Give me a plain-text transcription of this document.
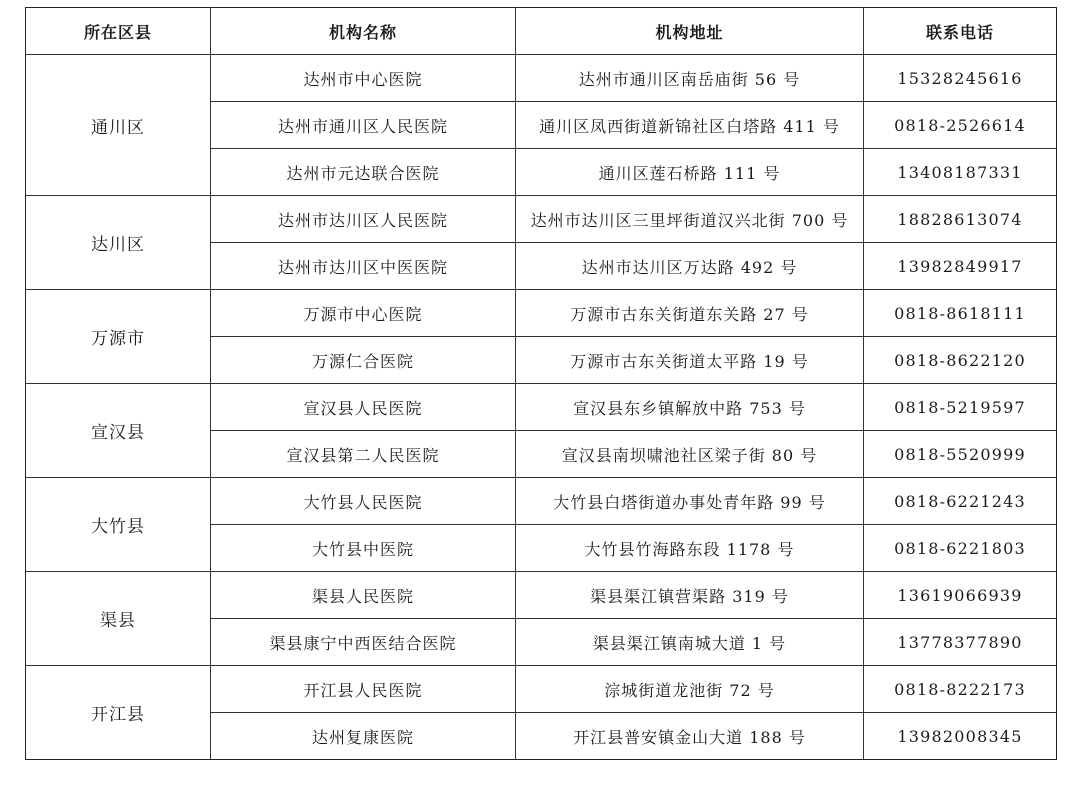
所在区县	机构名称	机构地址	联系电话
通川区	达州市中心医院	达州市通川区南岳庙街 56 号	15328245616
	达州市通川区人民医院	通川区凤西街道新锦社区白塔路 411 号	0818-2526614
	达州市元达联合医院	通川区莲石桥路 111 号	13408187331
达川区	达州市达川区人民医院	达州市达川区三里坪街道汉兴北街 700 号	18828613074
	达州市达川区中医医院	达州市达川区万达路 492 号	13982849917
万源市	万源市中心医院	万源市古东关街道东关路 27 号	0818-8618111
	万源仁合医院	万源市古东关街道太平路 19 号	0818-8622120
宣汉县	宣汉县人民医院	宣汉县东乡镇解放中路 753 号	0818-5219597
	宣汉县第二人民医院	宣汉县南坝啸池社区梁子街 80 号	0818-5520999
大竹县	大竹县人民医院	大竹县白塔街道办事处青年路 99 号	0818-6221243
	大竹县中医院	大竹县竹海路东段 1178 号	0818-6221803
渠县	渠县人民医院	渠县渠江镇营渠路 319 号	13619066939
	渠县康宁中西医结合医院	渠县渠江镇南城大道 1 号	13778377890
开江县	开江县人民医院	淙城街道龙池街 72 号	0818-8222173
	达州复康医院	开江县普安镇金山大道 188 号	13982008345
